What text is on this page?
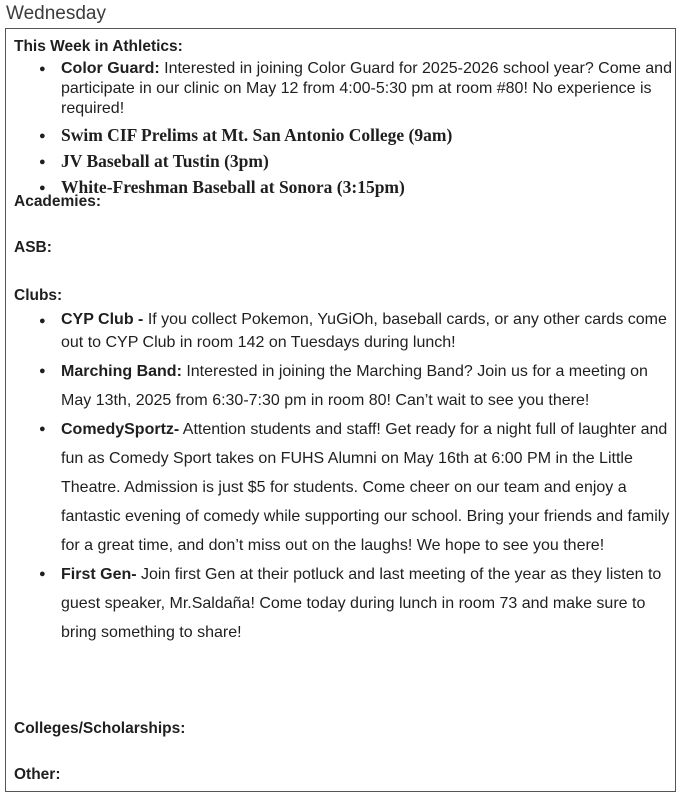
Wednesday
This Week in Athletics:
● Color Guard: Interested in joining Color Guard for 2025-2026 school year? Come and participate in our clinic on May 12 from 4:00-5:30 pm at room #80! No experience is required!
● Swim CIF Prelims at Mt. San Antonio College (9am)
● JV Baseball at Tustin (3pm)
● White-Freshman Baseball at Sonora (3:15pm)
Academies:
ASB:
Clubs:
● CYP Club - If you collect Pokemon, YuGiOh, baseball cards, or any other cards come out to CYP Club in room 142 on Tuesdays during lunch!
● Marching Band: Interested in joining the Marching Band? Join us for a meeting on May 13th, 2025 from 6:30-7:30 pm in room 80! Can’t wait to see you there!
● ComedySportz- Attention students and staff! Get ready for a night full of laughter and fun as Comedy Sport takes on FUHS Alumni on May 16th at 6:00 PM in the Little Theatre. Admission is just $5 for students. Come cheer on our team and enjoy a fantastic evening of comedy while supporting our school. Bring your friends and family for a great time, and don’t miss out on the laughs! We hope to see you there!
● First Gen- Join first Gen at their potluck and last meeting of the year as they listen to guest speaker, Mr.Saldaña! Come today during lunch in room 73 and make sure to bring something to share!
Colleges/Scholarships:
Other:
